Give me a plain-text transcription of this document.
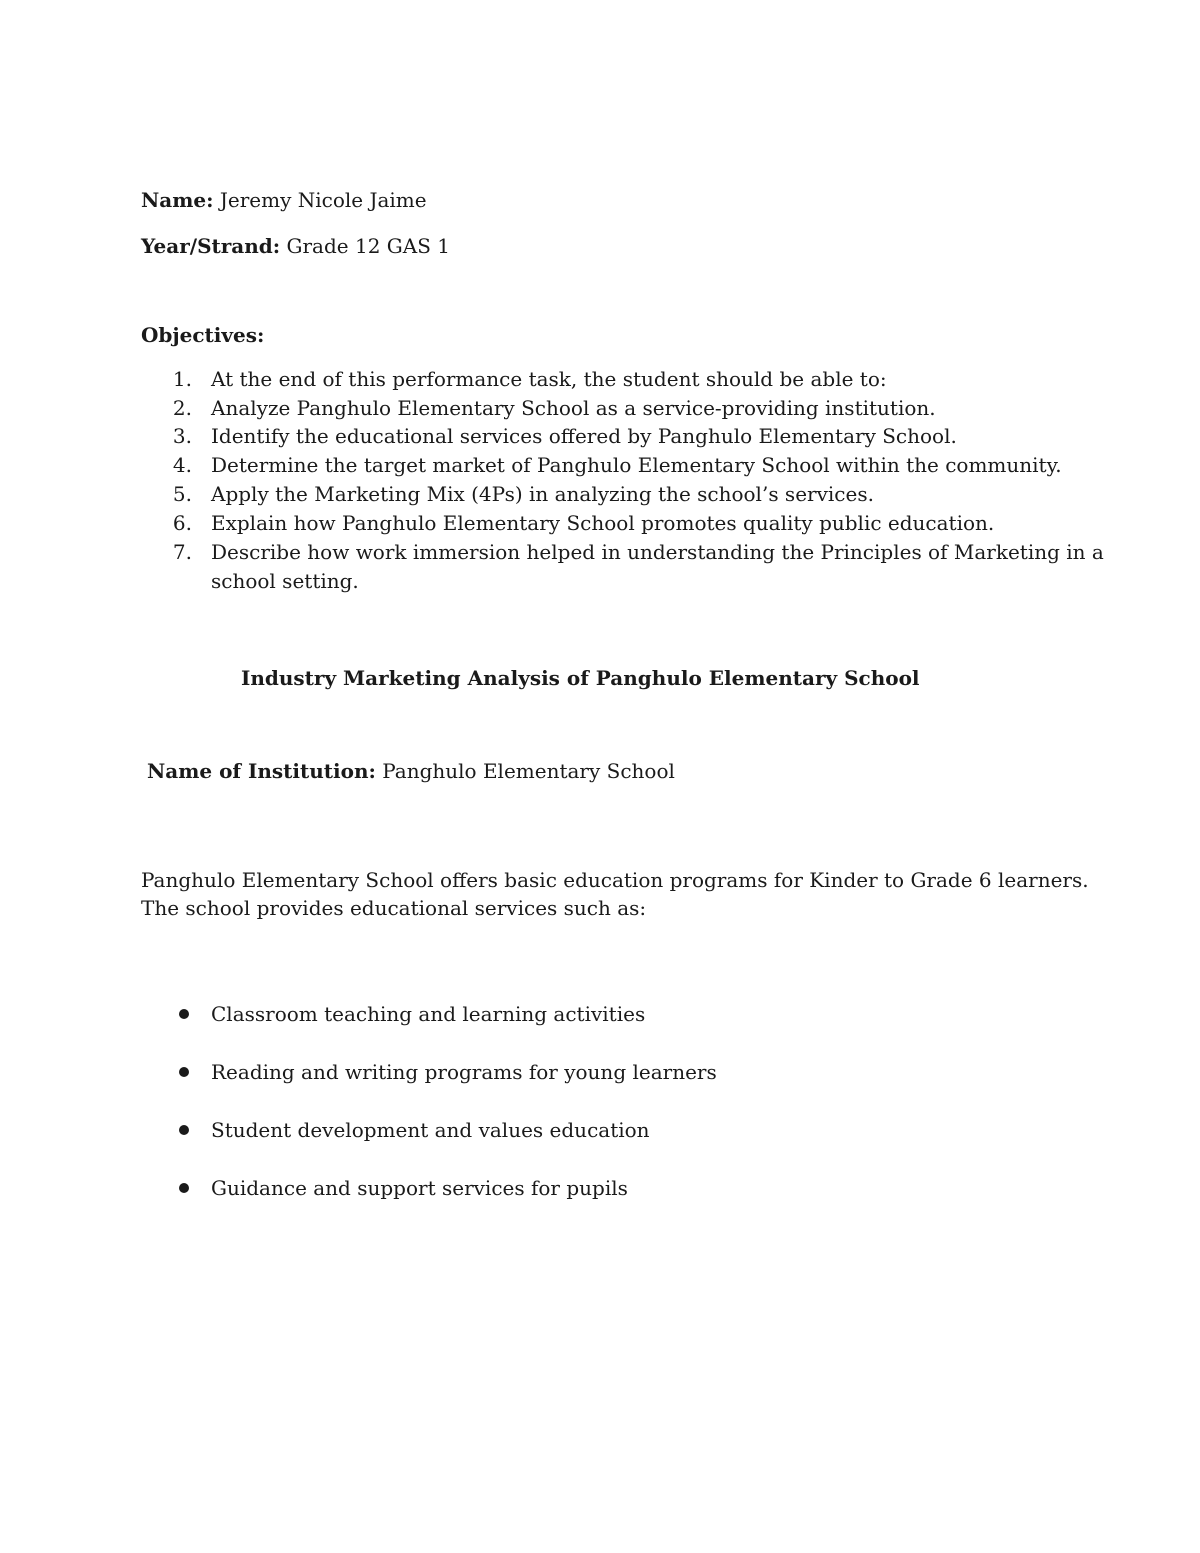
Name: Jeremy Nicole Jaime
Year/Strand: Grade 12 GAS 1
Objectives:
1. At the end of this performance task, the student should be able to:
2. Analyze Panghulo Elementary School as a service-providing institution.
3. Identify the educational services offered by Panghulo Elementary School.
4. Determine the target market of Panghulo Elementary School within the community.
5. Apply the Marketing Mix (4Ps) in analyzing the school’s services.
6. Explain how Panghulo Elementary School promotes quality public education.
7. Describe how work immersion helped in understanding the Principles of Marketing in a
school setting.
Industry Marketing Analysis of Panghulo Elementary School
Name of Institution: Panghulo Elementary School
Panghulo Elementary School offers basic education programs for Kinder to Grade 6 learners.
The school provides educational services such as:
Classroom teaching and learning activities
Reading and writing programs for young learners
Student development and values education
Guidance and support services for pupils
